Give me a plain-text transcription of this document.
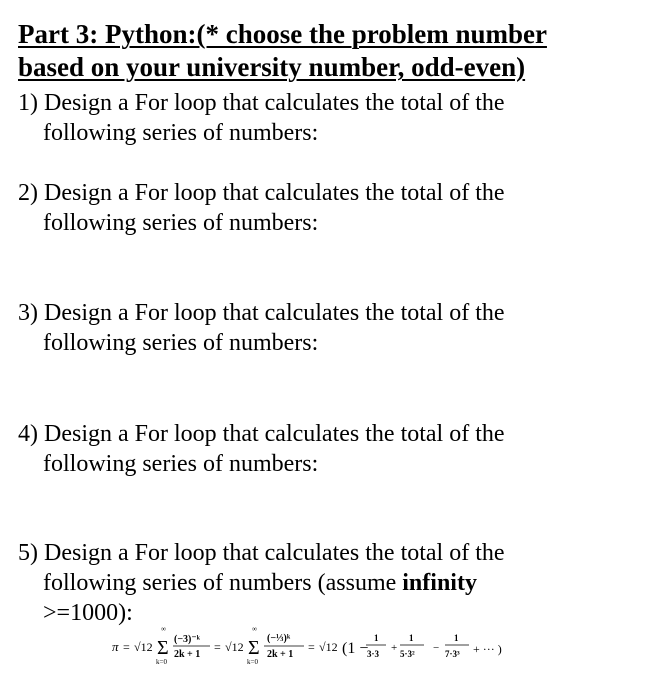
Part 3: Python:(* choose the problem number
based on your university number, odd-even)
1) Design a For loop that calculates the total of the
following series of numbers:
2) Design a For loop that calculates the total of the
following series of numbers:
3) Design a For loop that calculates the total of the
following series of numbers:
4) Design a For loop that calculates the total of the
following series of numbers:
5) Design a For loop that calculates the total of the
following series of numbers (assume infinity
>=1000):
π = √12
∞
Σ
k=0
(−3)⁻ᵏ
2k + 1
= √12
∞
Σ
k=0
(−⅓)ᵏ
2k + 1
= √12 (1 −
1
3·3 +
1
5·3² −
1
7·3³ + ··· )
